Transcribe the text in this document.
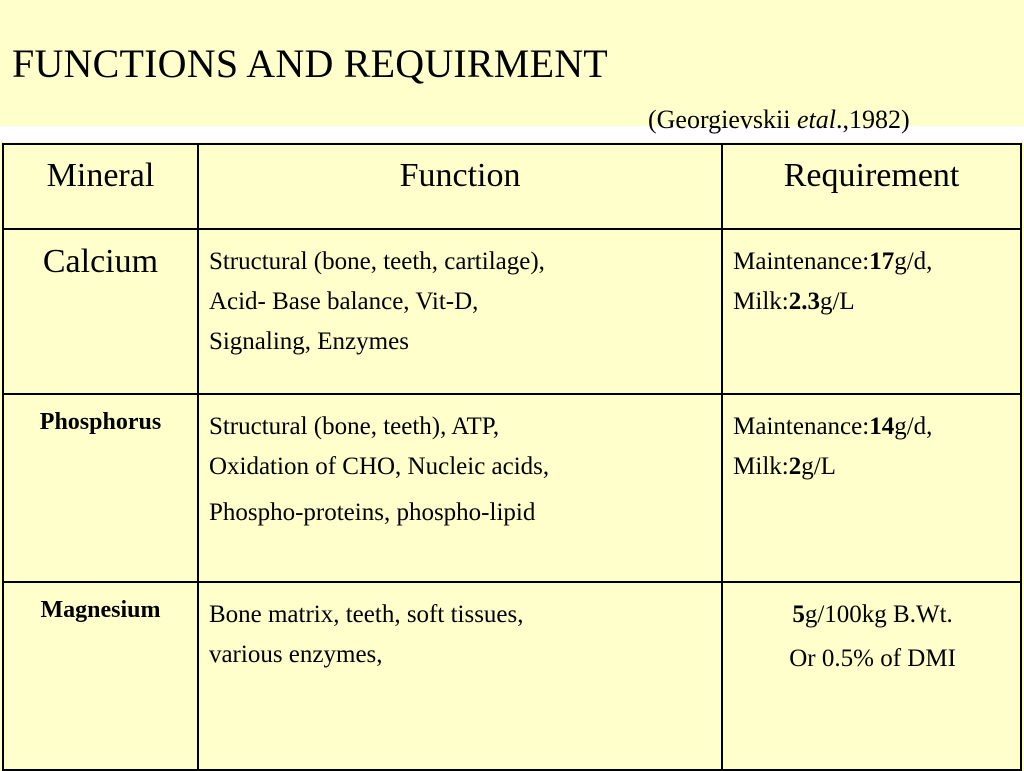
FUNCTIONS AND REQUIRMENT
(Georgievskii etal.,1982)
Mineral	Function	Requirement

Calcium	Structural (bone, teeth, cartilage),
Acid- Base balance, Vit-D,
Signaling, Enzymes	Maintenance:17g/d,
Milk:2.3g/L

Phosphorus	Structural (bone, teeth), ATP,
Oxidation of CHO, Nucleic acids,
Phospho-proteins, phospho-lipid	Maintenance:14g/d,
Milk:2g/L

Magnesium	Bone matrix, teeth, soft tissues,
various enzymes,	5g/100kg B.Wt.
Or 0.5% of DMI
